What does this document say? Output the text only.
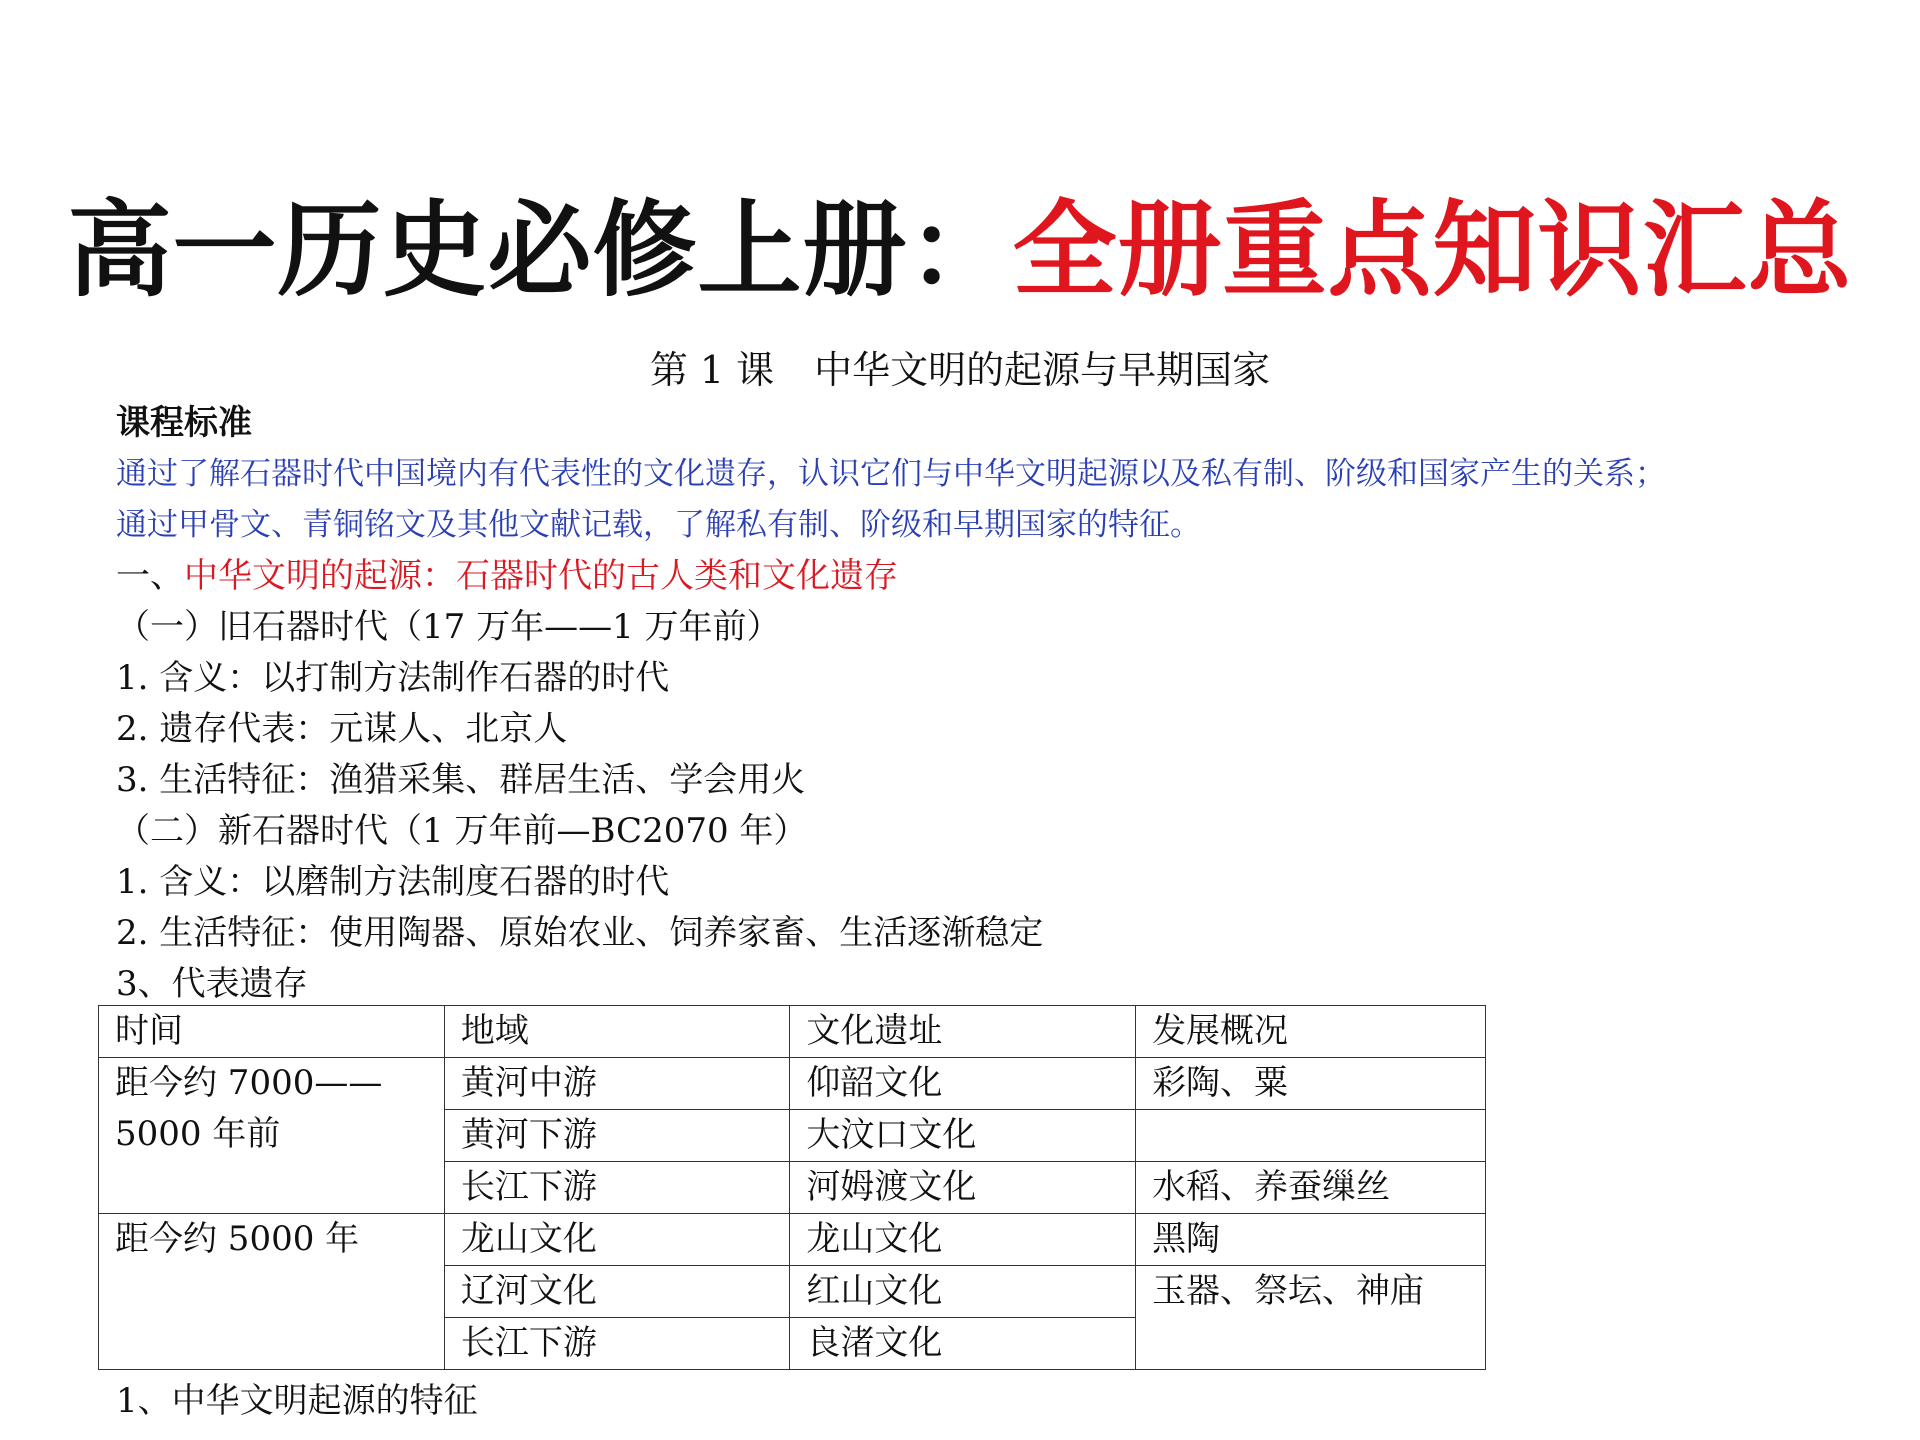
高一历史必修上册：全册重点知识汇总
第 1 课 中华文明的起源与早期国家
课程标准
通过了解石器时代中国境内有代表性的文化遗存，认识它们与中华文明起源以及私有制、阶级和国家产生的关系；
通过甲骨文、青铜铭文及其他文献记载，了解私有制、阶级和早期国家的特征。
一、中华文明的起源：石器时代的古人类和文化遗存
（一）旧石器时代（17 万年——1 万年前）
1. 含义：以打制方法制作石器的时代
2. 遗存代表：元谋人、北京人
3. 生活特征：渔猎采集、群居生活、学会用火
（二）新石器时代（1 万年前—BC2070 年）
1. 含义：以磨制方法制度石器的时代
2. 生活特征：使用陶器、原始农业、饲养家畜、生活逐渐稳定
3、代表遗存
时间	地域	文化遗址	发展概况
距今约 7000——5000 年前	黄河中游	仰韶文化	彩陶、粟
	黄河下游	大汶口文化	
	长江下游	河姆渡文化	水稻、养蚕缫丝
距今约 5000 年	龙山文化	龙山文化	黑陶
	辽河文化	红山文化	玉器、祭坛、神庙
	长江下游	良渚文化	
1、中华文明起源的特征
